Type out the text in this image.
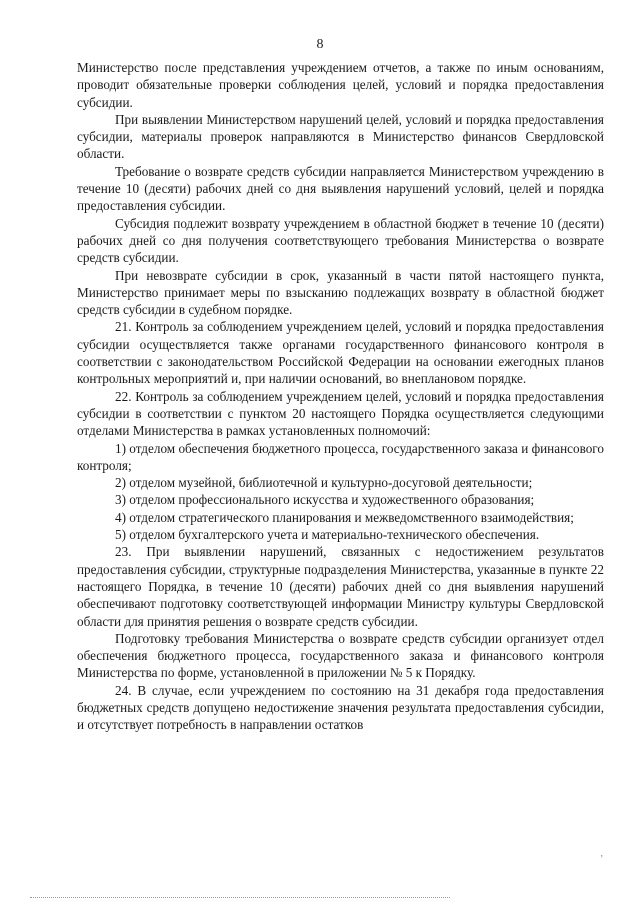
8

Министерство после представления учреждением отчетов, а также по иным основаниям, проводит обязательные проверки соблюдения целей, условий и порядка предоставления субсидии.

При выявлении Министерством нарушений целей, условий и порядка предоставления субсидии, материалы проверок направляются в Министерство финансов Свердловской области.

Требование о возврате средств субсидии направляется Министерством учреждению в течение 10 (десяти) рабочих дней со дня выявления нарушений условий, целей и порядка предоставления субсидии.

Субсидия подлежит возврату учреждением в областной бюджет в течение 10 (десяти) рабочих дней со дня получения соответствующего требования Министерства о возврате средств субсидии.

При невозврате субсидии в срок, указанный в части пятой настоящего пункта, Министерство принимает меры по взысканию подлежащих возврату в областной бюджет средств субсидии в судебном порядке.

21. Контроль за соблюдением учреждением целей, условий и порядка предоставления субсидии осуществляется также органами государственного финансового контроля в соответствии с законодательством Российской Федерации на основании ежегодных планов контрольных мероприятий и, при наличии оснований, во внеплановом порядке.

22. Контроль за соблюдением учреждением целей, условий и порядка предоставления субсидии в соответствии с пунктом 20 настоящего Порядка осуществляется следующими отделами Министерства в рамках установленных полномочий:

1) отделом обеспечения бюджетного процесса, государственного заказа и финансового контроля;

2) отделом музейной, библиотечной и культурно-досуговой деятельности;

3) отделом профессионального искусства и художественного образования;

4) отделом стратегического планирования и межведомственного взаимодействия;

5) отделом бухгалтерского учета и материально-технического обеспечения.

23. При выявлении нарушений, связанных с недостижением результатов предоставления субсидии, структурные подразделения Министерства, указанные в пункте 22 настоящего Порядка, в течение 10 (десяти) рабочих дней со дня выявления нарушений обеспечивают подготовку соответствующей информации Министру культуры Свердловской области для принятия решения о возврате средств субсидии.

Подготовку требования Министерства о возврате средств субсидии организует отдел обеспечения бюджетного процесса, государственного заказа и финансового контроля Министерства по форме, установленной в приложении № 5 к Порядку.

24. В случае, если учреждением по состоянию на 31 декабря года предоставления бюджетных средств допущено недостижение значения результата предоставления субсидии, и отсутствует потребность в направлении остатков

’
